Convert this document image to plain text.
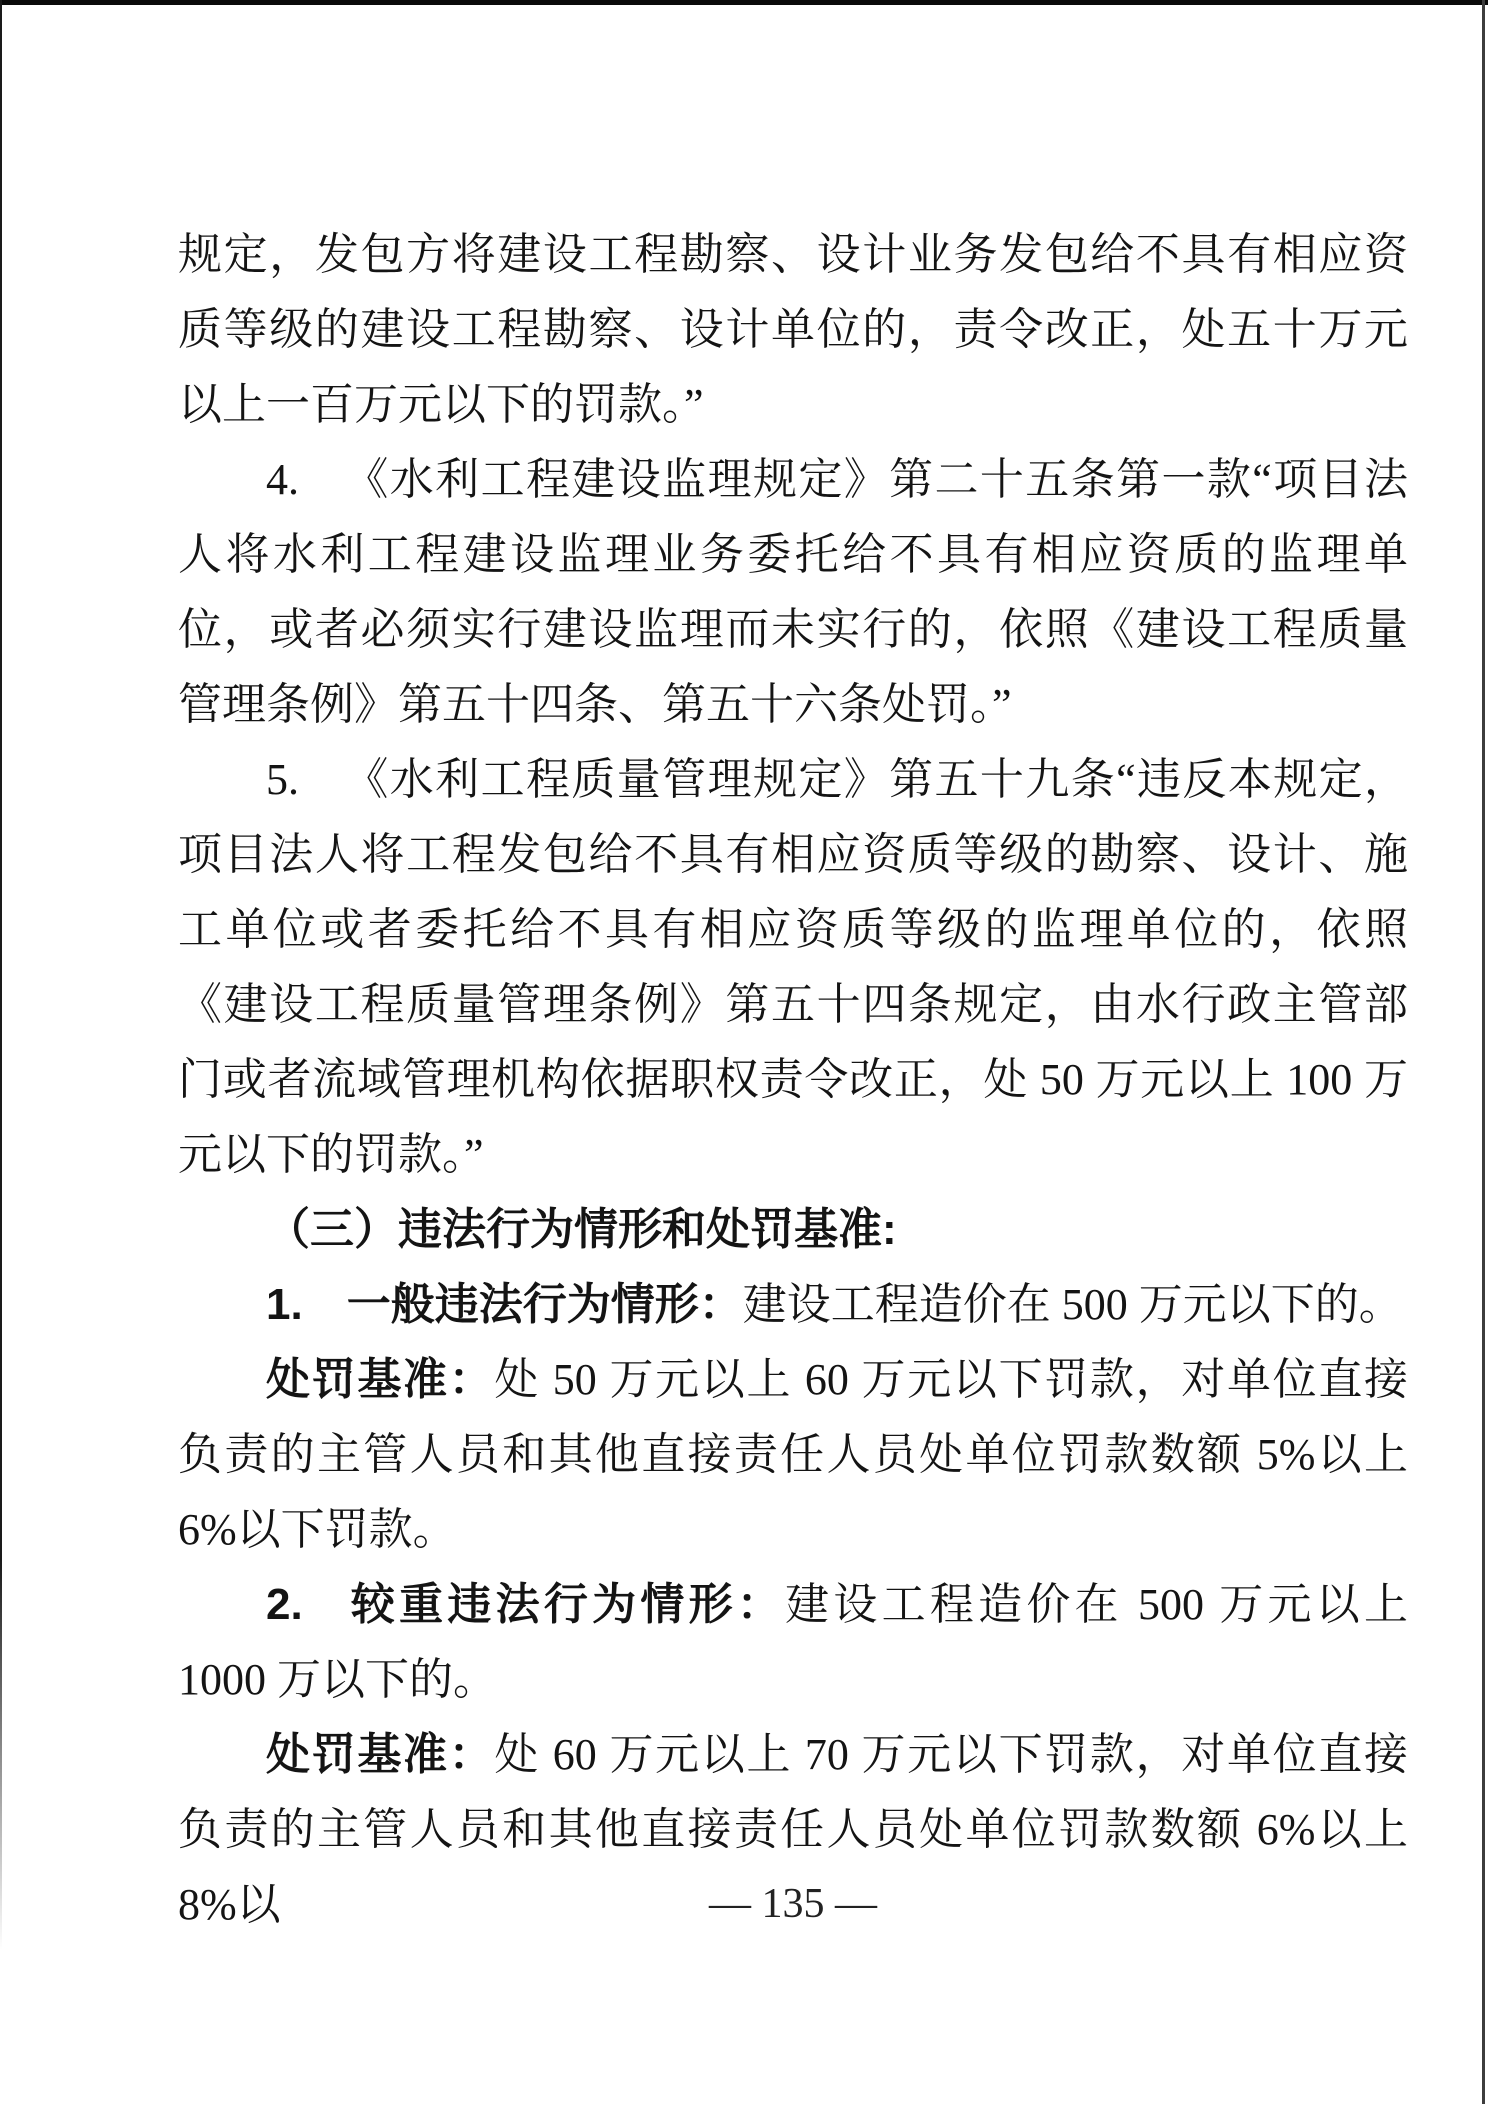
规定，发包方将建设工程勘察、设计业务发包给不具有相应资质等级的建设工程勘察、设计单位的，责令改正，处五十万元以上一百万元以下的罚款。”

4. 《水利工程建设监理规定》第二十五条第一款“项目法人将水利工程建设监理业务委托给不具有相应资质的监理单位，或者必须实行建设监理而未实行的，依照《建设工程质量管理条例》第五十四条、第五十六条处罚。”

5. 《水利工程质量管理规定》第五十九条“违反本规定，项目法人将工程发包给不具有相应资质等级的勘察、设计、施工单位或者委托给不具有相应资质等级的监理单位的，依照《建设工程质量管理条例》第五十四条规定，由水行政主管部门或者流域管理机构依据职权责令改正，处 50 万元以上 100 万元以下的罚款。”

（三）违法行为情形和处罚基准:

1. 一般违法行为情形：建设工程造价在 500 万元以下的。

处罚基准：处 50 万元以上 60 万元以下罚款，对单位直接负责的主管人员和其他直接责任人员处单位罚款数额 5%以上 6%以下罚款。

2. 较重违法行为情形：建设工程造价在 500 万元以上 1000 万以下的。

处罚基准：处 60 万元以上 70 万元以下罚款，对单位直接负责的主管人员和其他直接责任人员处单位罚款数额 6%以上 8%以	— 135 —
